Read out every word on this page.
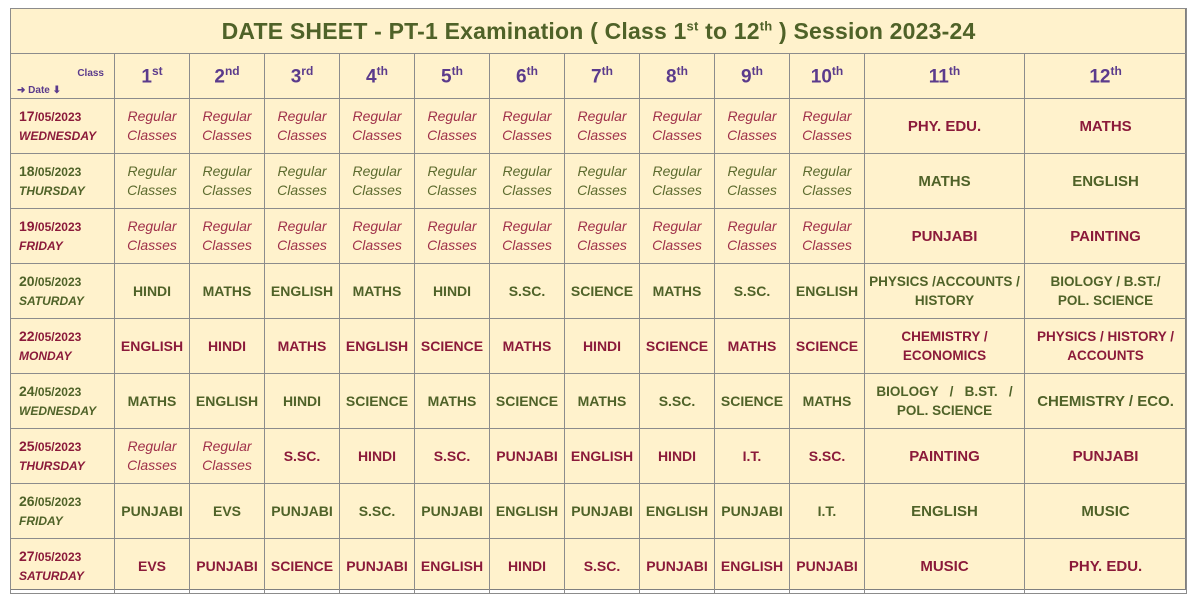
DATE SHEET - PT-1 Examination ( Class 1st to 12th ) Session 2023-24												

Class
➜ Date ⬇	1st	2nd	3rd	4th	5th	6th	7th	8th	9th	10th	11th	12th
17/05/2023
WEDNESDAY	Regular
Classes	Regular
Classes	Regular
Classes	Regular
Classes	Regular
Classes	Regular
Classes	Regular
Classes	Regular
Classes	Regular
Classes	Regular
Classes	PHY. EDU.	MATHS

18/05/2023
THURSDAY	Regular
Classes	Regular
Classes	Regular
Classes	Regular
Classes	Regular
Classes	Regular
Classes	Regular
Classes	Regular
Classes	Regular
Classes	Regular
Classes	MATHS	ENGLISH

19/05/2023
FRIDAY	Regular
Classes	Regular
Classes	Regular
Classes	Regular
Classes	Regular
Classes	Regular
Classes	Regular
Classes	Regular
Classes	Regular
Classes	Regular
Classes	PUNJABI	PAINTING

20/05/2023
SATURDAY	HINDI	MATHS	ENGLISH	MATHS	HINDI	S.SC.	SCIENCE	MATHS	S.SC.	ENGLISH	PHYSICS /ACCOUNTS /
HISTORY	BIOLOGY / B.ST./
POL. SCIENCE

22/05/2023
MONDAY	ENGLISH	HINDI	MATHS	ENGLISH	SCIENCE	MATHS	HINDI	SCIENCE	MATHS	SCIENCE	CHEMISTRY /
ECONOMICS	PHYSICS / HISTORY /
ACCOUNTS

24/05/2023
WEDNESDAY	MATHS	ENGLISH	HINDI	SCIENCE	MATHS	SCIENCE	MATHS	S.SC.	SCIENCE	MATHS	BIOLOGY   /   B.ST.   /
POL. SCIENCE	CHEMISTRY / ECO.

25/05/2023
THURSDAY	Regular
Classes	Regular
Classes	S.SC.	HINDI	S.SC.	PUNJABI	ENGLISH	HINDI	I.T.	S.SC.	PAINTING	PUNJABI

26/05/2023
FRIDAY	PUNJABI	EVS	PUNJABI	S.SC.	PUNJABI	ENGLISH	PUNJABI	ENGLISH	PUNJABI	I.T.	ENGLISH	MUSIC

27/05/2023
SATURDAY	EVS	PUNJABI	SCIENCE	PUNJABI	ENGLISH	HINDI	S.SC.	PUNJABI	ENGLISH	PUNJABI	MUSIC	PHY. EDU.
